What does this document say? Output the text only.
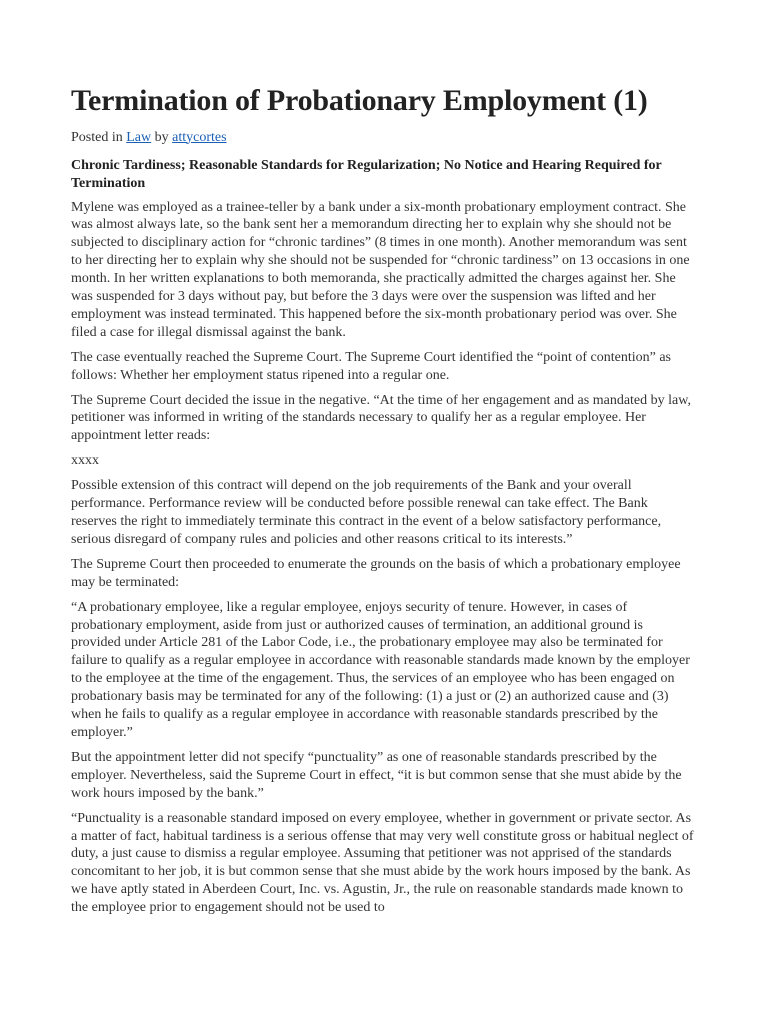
Termination of Probationary Employment (1)
Posted in Law by attycortes
Chronic Tardiness; Reasonable Standards for Regularization; No Notice and Hearing Required for Termination

Mylene was employed as a trainee-teller by a bank under a six-month probationary employment contract. She was almost always late, so the bank sent her a memorandum directing her to explain why she should not be subjected to disciplinary action for “chronic tardines” (8 times in one month). Another memorandum was sent to her directing her to explain why she should not be suspended for “chronic tardiness” on 13 occasions in one month. In her written explanations to both memoranda, she practically admitted the charges against her. She was suspended for 3 days without pay, but before the 3 days were over the suspension was lifted and her employment was instead terminated. This happened before the six-month probationary period was over. She filed a case for illegal dismissal against the bank.

The case eventually reached the Supreme Court. The Supreme Court identified the “point of contention” as follows: Whether her employment status ripened into a regular one.

The Supreme Court decided the issue in the negative. “At the time of her engagement and as mandated by law, petitioner was informed in writing of the standards necessary to qualify her as a regular employee. Her appointment letter reads:

xxxx

Possible extension of this contract will depend on the job requirements of the Bank and your overall performance. Performance review will be conducted before possible renewal can take effect. The Bank reserves the right to immediately terminate this contract in the event of a below satisfactory performance, serious disregard of company rules and policies and other reasons critical to its interests.”

The Supreme Court then proceeded to enumerate the grounds on the basis of which a probationary employee may be terminated:

“A probationary employee, like a regular employee, enjoys security of tenure. However, in cases of probationary employment, aside from just or authorized causes of termination, an additional ground is provided under Article 281 of the Labor Code, i.e., the probationary employee may also be terminated for failure to qualify as a regular employee in accordance with reasonable standards made known by the employer to the employee at the time of the engagement. Thus, the services of an employee who has been engaged on probationary basis may be terminated for any of the following: (1) a just or (2) an authorized cause and (3) when he fails to qualify as a regular employee in accordance with reasonable standards prescribed by the employer.”

But the appointment letter did not specify “punctuality” as one of reasonable standards prescribed by the employer. Nevertheless, said the Supreme Court in effect, “it is but common sense that she must abide by the work hours imposed by the bank.”

“Punctuality is a reasonable standard imposed on every employee, whether in government or private sector. As a matter of fact, habitual tardiness is a serious offense that may very well constitute gross or habitual neglect of duty, a just cause to dismiss a regular employee. Assuming that petitioner was not apprised of the standards concomitant to her job, it is but common sense that she must abide by the work hours imposed by the bank. As we have aptly stated in Aberdeen Court, Inc. vs. Agustin, Jr., the rule on reasonable standards made known to the employee prior to engagement should not be used to
